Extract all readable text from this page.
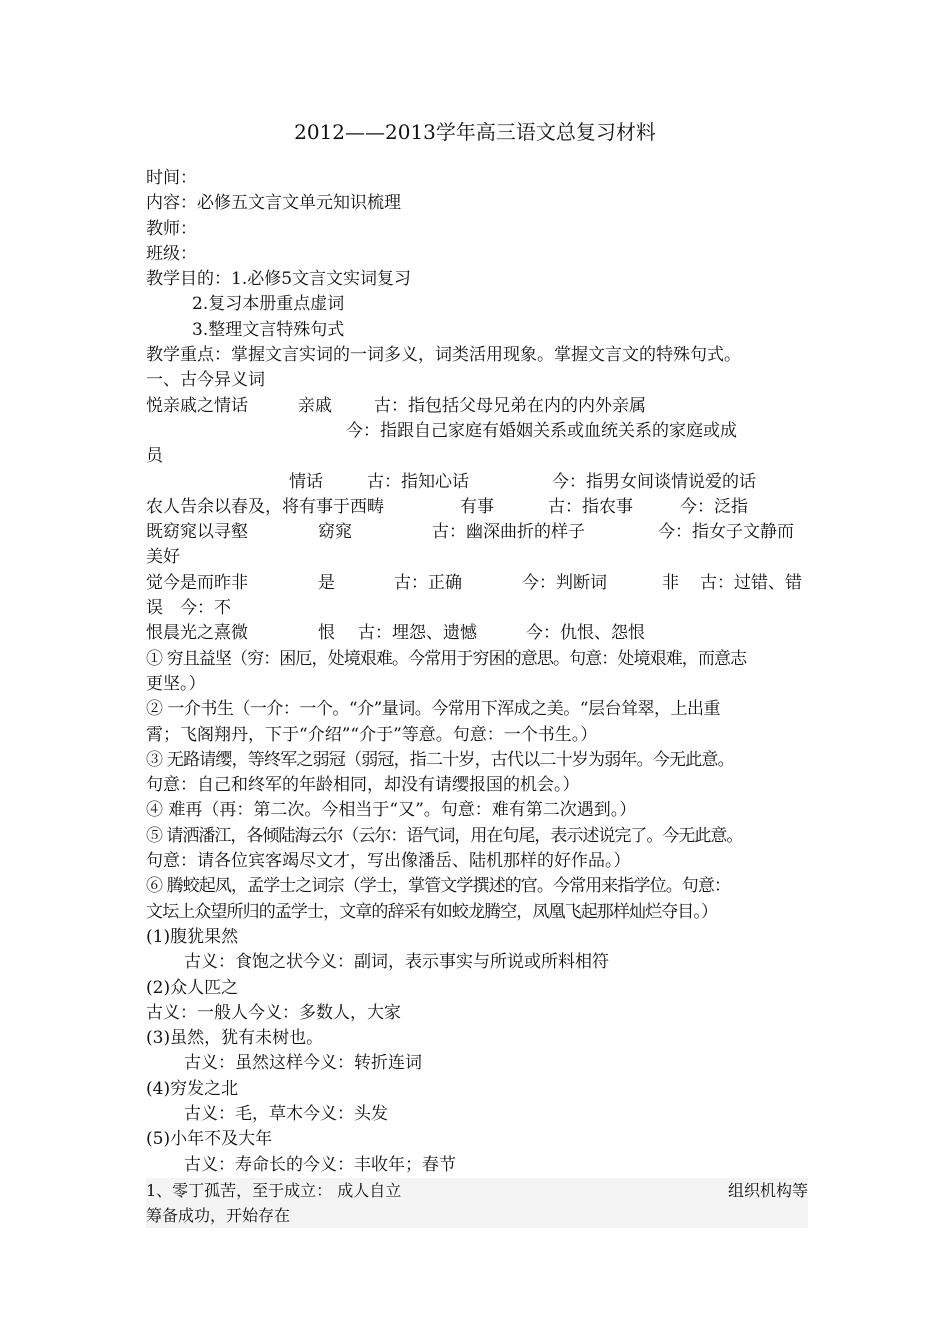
2012——2013学年高三语文总复习材料
时间：
内容：必修五文言文单元知识梳理
教师：
班级：
教学目的：1.必修5文言文实词复习
2.复习本册重点虚词
3.整理文言特殊句式
教学重点：掌握文言实词的一词多义，词类活用现象。掌握文言文的特殊句式。
一、古今异义词
悦亲戚之情话	亲戚 古：指包括父母兄弟在内的内外亲属
今：指跟自己家庭有婚姻关系或血统关系的家庭或成
员
情话	古：指知心话	今：指男女间谈情说爱的话
农人告余以春及，将有事于西畴	有事	古：指农事	今：泛指
既窈窕以寻壑	窈窕	古：幽深曲折的样子	今：指女子文静而
美好
觉今是而昨非	是	古：正确	今：判断词	非 古：过错、错
误　今：不
恨晨光之熹微	恨 古：埋怨、遗憾	今：仇恨、怨恨
① 穷且益坚（穷：困厄，处境艰难。今常用于穷困的意思。句意：处境艰难，而意志
更坚。）
② 一介书生（一介：一个。“介”量词。今常用下浑成之美。“层台耸翠，上出重
霄；飞阁翔丹，下于“介绍”“介于”等意。句意：一个书生。）
③ 无路请缨，等终军之弱冠（弱冠，指二十岁，古代以二十岁为弱年。今无此意。
句意：自己和终军的年龄相同，却没有请缨报国的机会。）
④ 难再（再：第二次。今相当于“又”。句意：难有第二次遇到。）
⑤ 请洒潘江，各倾陆海云尔（云尔：语气词，用在句尾，表示述说完了。今无此意。
句意：请各位宾客竭尽文才，写出像潘岳、陆机那样的好作品。）
⑥ 腾蛟起凤，孟学士之词宗（学士，掌管文学撰述的官。今常用来指学位。句意：
文坛上众望所归的孟学士，文章的辞采有如蛟龙腾空，凤凰飞起那样灿烂夺目。）
(1)腹犹果然
古义：食饱之状今义：副词，表示事实与所说或所料相符
(2)众人匹之
古义：一般人今义：多数人，大家
(3)虽然，犹有未树也。
古义：虽然这样今义：转折连词
(4)穷发之北
古义：毛，草木今义：头发
(5)小年不及大年
古义：寿命长的今义：丰收年；春节
1、零丁孤苦，至于成立： 成人自立	组织机构等
筹备成功，开始存在
